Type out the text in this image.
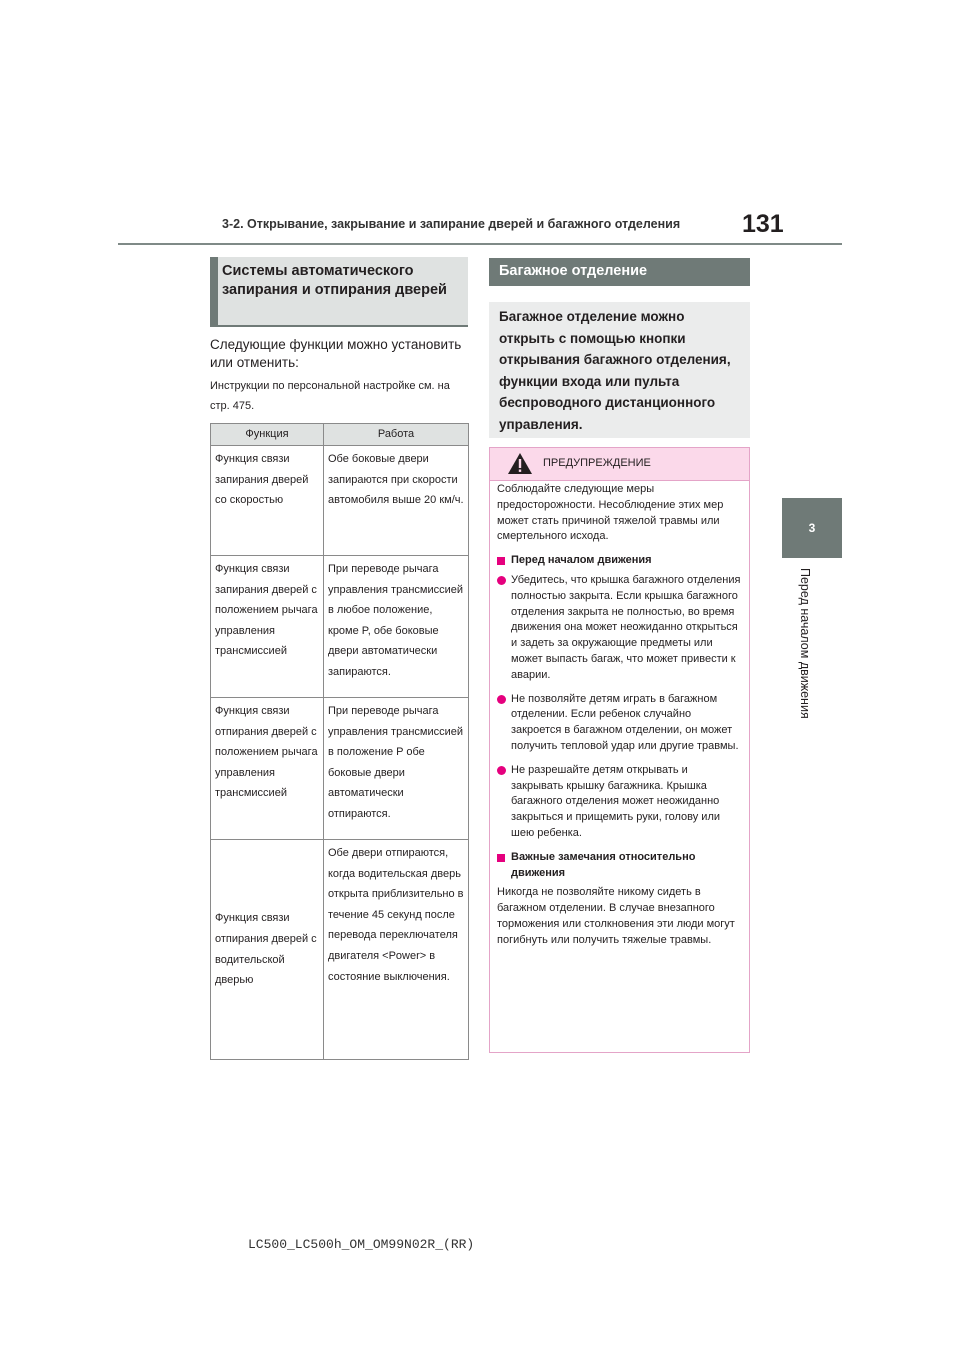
3-2. Открывание, закрывание и запирание дверей и багажного отделения	131
3
Перед началом движения
Системы автоматического запирания и отпирания дверей
Следующие функции можно установить или отменить:
Инструкции по персональной настройке см. на стр. 475.
Функция	Работа
Функция связи запирания дверей со скоростью	Обе боковые двери запираются при скорости автомобиля выше 20 км/ч.
Функция связи запирания дверей с положением рычага управления трансмиссией	При переводе рычага управления трансмиссией в любое положение, кроме P, обе боковые двери автоматически запираются.
Функция связи отпирания дверей с положением рычага управления трансмиссией	При переводе рычага управления трансмиссией в положение P обе боковые двери автоматически отпираются.
Функция связи отпирания дверей с водительской дверью	Обе двери отпираются, когда водительская дверь открыта приблизительно в течение 45 секунд после перевода переключателя двигателя <Power> в состояние выключения.
Багажное отделение
Багажное отделение можно открыть с помощью кнопки открывания багажного отделения, функции входа или пульта беспроводного дистанционного управления.
ПРЕДУПРЕЖДЕНИЕ

Соблюдайте следующие меры предосторожности. Несоблюдение этих мер может стать причиной тяжелой травмы или смертельного исхода.

Перед началом движения
Убедитесь, что крышка багажного отделения полностью закрыта. Если крышка багажного отделения закрыта не полностью, во время движения она может неожиданно открыться и задеть за окружающие предметы или может выпасть багаж, что может привести к аварии.
Не позволяйте детям играть в багажном отделении. Если ребенок случайно закроется в багажном отделении, он может получить тепловой удар или другие травмы.
Не разрешайте детям открывать и закрывать крышку багажника. Крышка багажного отделения может неожиданно закрыться и прищемить руки, голову или шею ребенка.
Важные замечания относительно движения

Никогда не позволяйте никому сидеть в багажном отделении. В случае внезапного торможения или столкновения эти люди могут погибнуть или получить тяжелые травмы.

LC500_LC500h_OM_OM99N02R_(RR)
